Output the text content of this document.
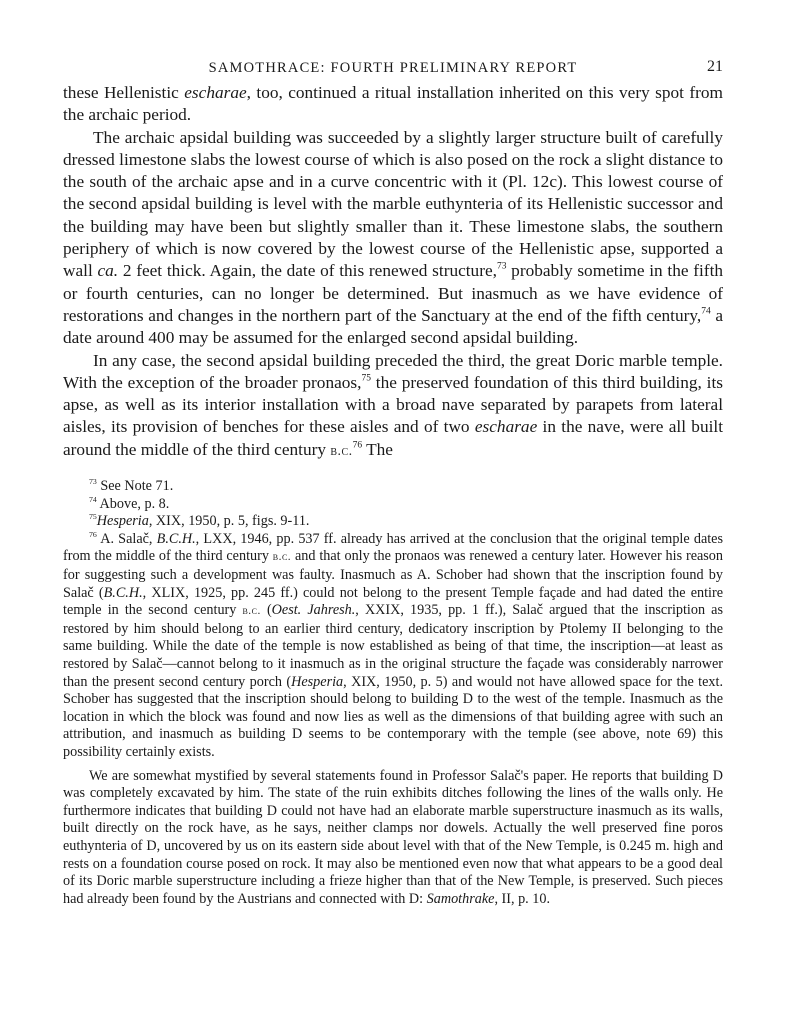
SAMOTHRACE: FOURTH PRELIMINARY REPORT	21

these Hellenistic escharae, too, continued a ritual installation inherited on this very spot from the archaic period.

The archaic apsidal building was succeeded by a slightly larger structure built of carefully dressed limestone slabs the lowest course of which is also posed on the rock a slight distance to the south of the archaic apse and in a curve concentric with it (Pl. 12c). This lowest course of the second apsidal building is level with the marble euthynteria of its Hellenistic successor and the building may have been but slightly smaller than it. These limestone slabs, the southern periphery of which is now covered by the lowest course of the Hellenistic apse, supported a wall ca. 2 feet thick. Again, the date of this renewed structure,$^{73}$ probably sometime in the fifth or fourth centuries, can no longer be determined. But inasmuch as we have evidence of restorations and changes in the northern part of the Sanctuary at the end of the fifth century,$^{74}$ a date around 400 may be assumed for the enlarged second apsidal building.

In any case, the second apsidal building preceded the third, the great Doric marble temple. With the exception of the broader pronaos,$^{75}$ the preserved foundation of this third building, its apse, as well as its interior installation with a broad nave separated by parapets from lateral aisles, its provision of benches for these aisles and of two escharae in the nave, were all built around the middle of the third century b.c.$^{76}$ The

$^{73}$ See Note 71.

$^{74}$ Above, p. 8.

$^{75}$Hesperia, XIX, 1950, p. 5, figs. 9-11.

$^{76}$ A. Salač, B.C.H., LXX, 1946, pp. 537 ff. already has arrived at the conclusion that the original temple dates from the middle of the third century b.c. and that only the pronaos was renewed a century later. However his reason for suggesting such a development was faulty. Inasmuch as A. Schober had shown that the inscription found by Salač (B.C.H., XLIX, 1925, pp. 245 ff.) could not belong to the present Temple façade and had dated the entire temple in the second century b.c. (Oest. Jahresh., XXIX, 1935, pp. 1 ff.), Salač argued that the inscription as restored by him should belong to an earlier third century, dedicatory inscription by Ptolemy II belonging to the same building. While the date of the temple is now established as being of that time, the inscription—at least as restored by Salač—cannot belong to it inasmuch as in the original structure the façade was considerably narrower than the present second century porch (Hesperia, XIX, 1950, p. 5) and would not have allowed space for the text. Schober has suggested that the inscription should belong to building D to the west of the temple. Inasmuch as the location in which the block was found and now lies as well as the dimensions of that building agree with such an attribution, and inasmuch as building D seems to be contemporary with the temple (see above, note 69) this possibility certainly exists.

We are somewhat mystified by several statements found in Professor Salač's paper. He reports that building D was completely excavated by him. The state of the ruin exhibits ditches following the lines of the walls only. He furthermore indicates that building D could not have had an elaborate marble superstructure inasmuch as its walls, built directly on the rock have, as he says, neither clamps nor dowels. Actually the well preserved fine poros euthynteria of D, uncovered by us on its eastern side about level with that of the New Temple, is 0.245 m. high and rests on a foundation course posed on rock. It may also be mentioned even now that what appears to be a good deal of its Doric marble superstructure including a frieze higher than that of the New Temple, is preserved. Such pieces had already been found by the Austrians and connected with D: Samothrake, II, p. 10.
